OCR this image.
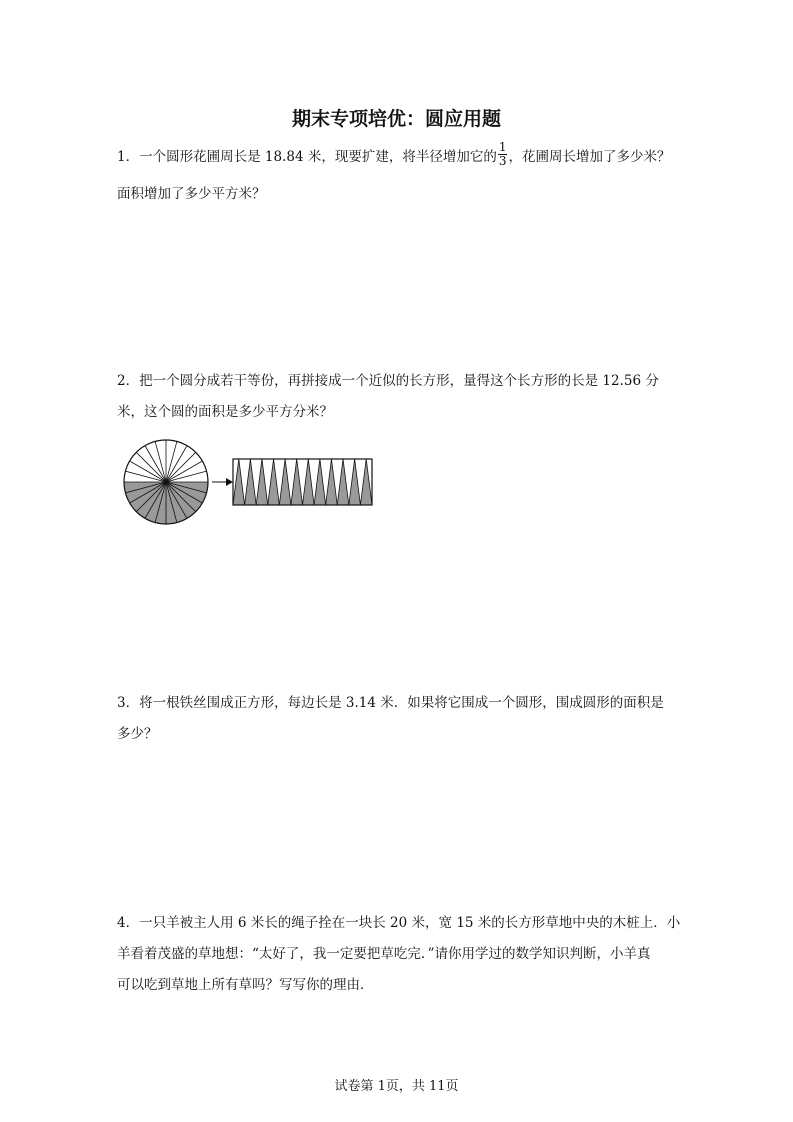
期末专项培优：圆应用题
1．一个圆形花圃周长是 18.84 米，现要扩建，将半径增加它的 $\frac{1}{3}$ ，花圃周长增加了多少米？
面积增加了多少平方米？
2．把一个圆分成若干等份，再拼接成一个近似的长方形，量得这个长方形的长是 12.56 分
米，这个圆的面积是多少平方分米？
3．将一根铁丝围成正方形，每边长是 3.14 米．如果将它围成一个圆形，围成圆形的面积是
多少？
4．一只羊被主人用 6 米长的绳子拴在一块长 20 米，宽 15 米的长方形草地中央的木桩上．小
羊看着茂盛的草地想：“太好了，我一定要把草吃完．”请你用学过的数学知识判断，小羊真
可以吃到草地上所有草吗？写写你的理由．
试卷第 1页，共 11页
